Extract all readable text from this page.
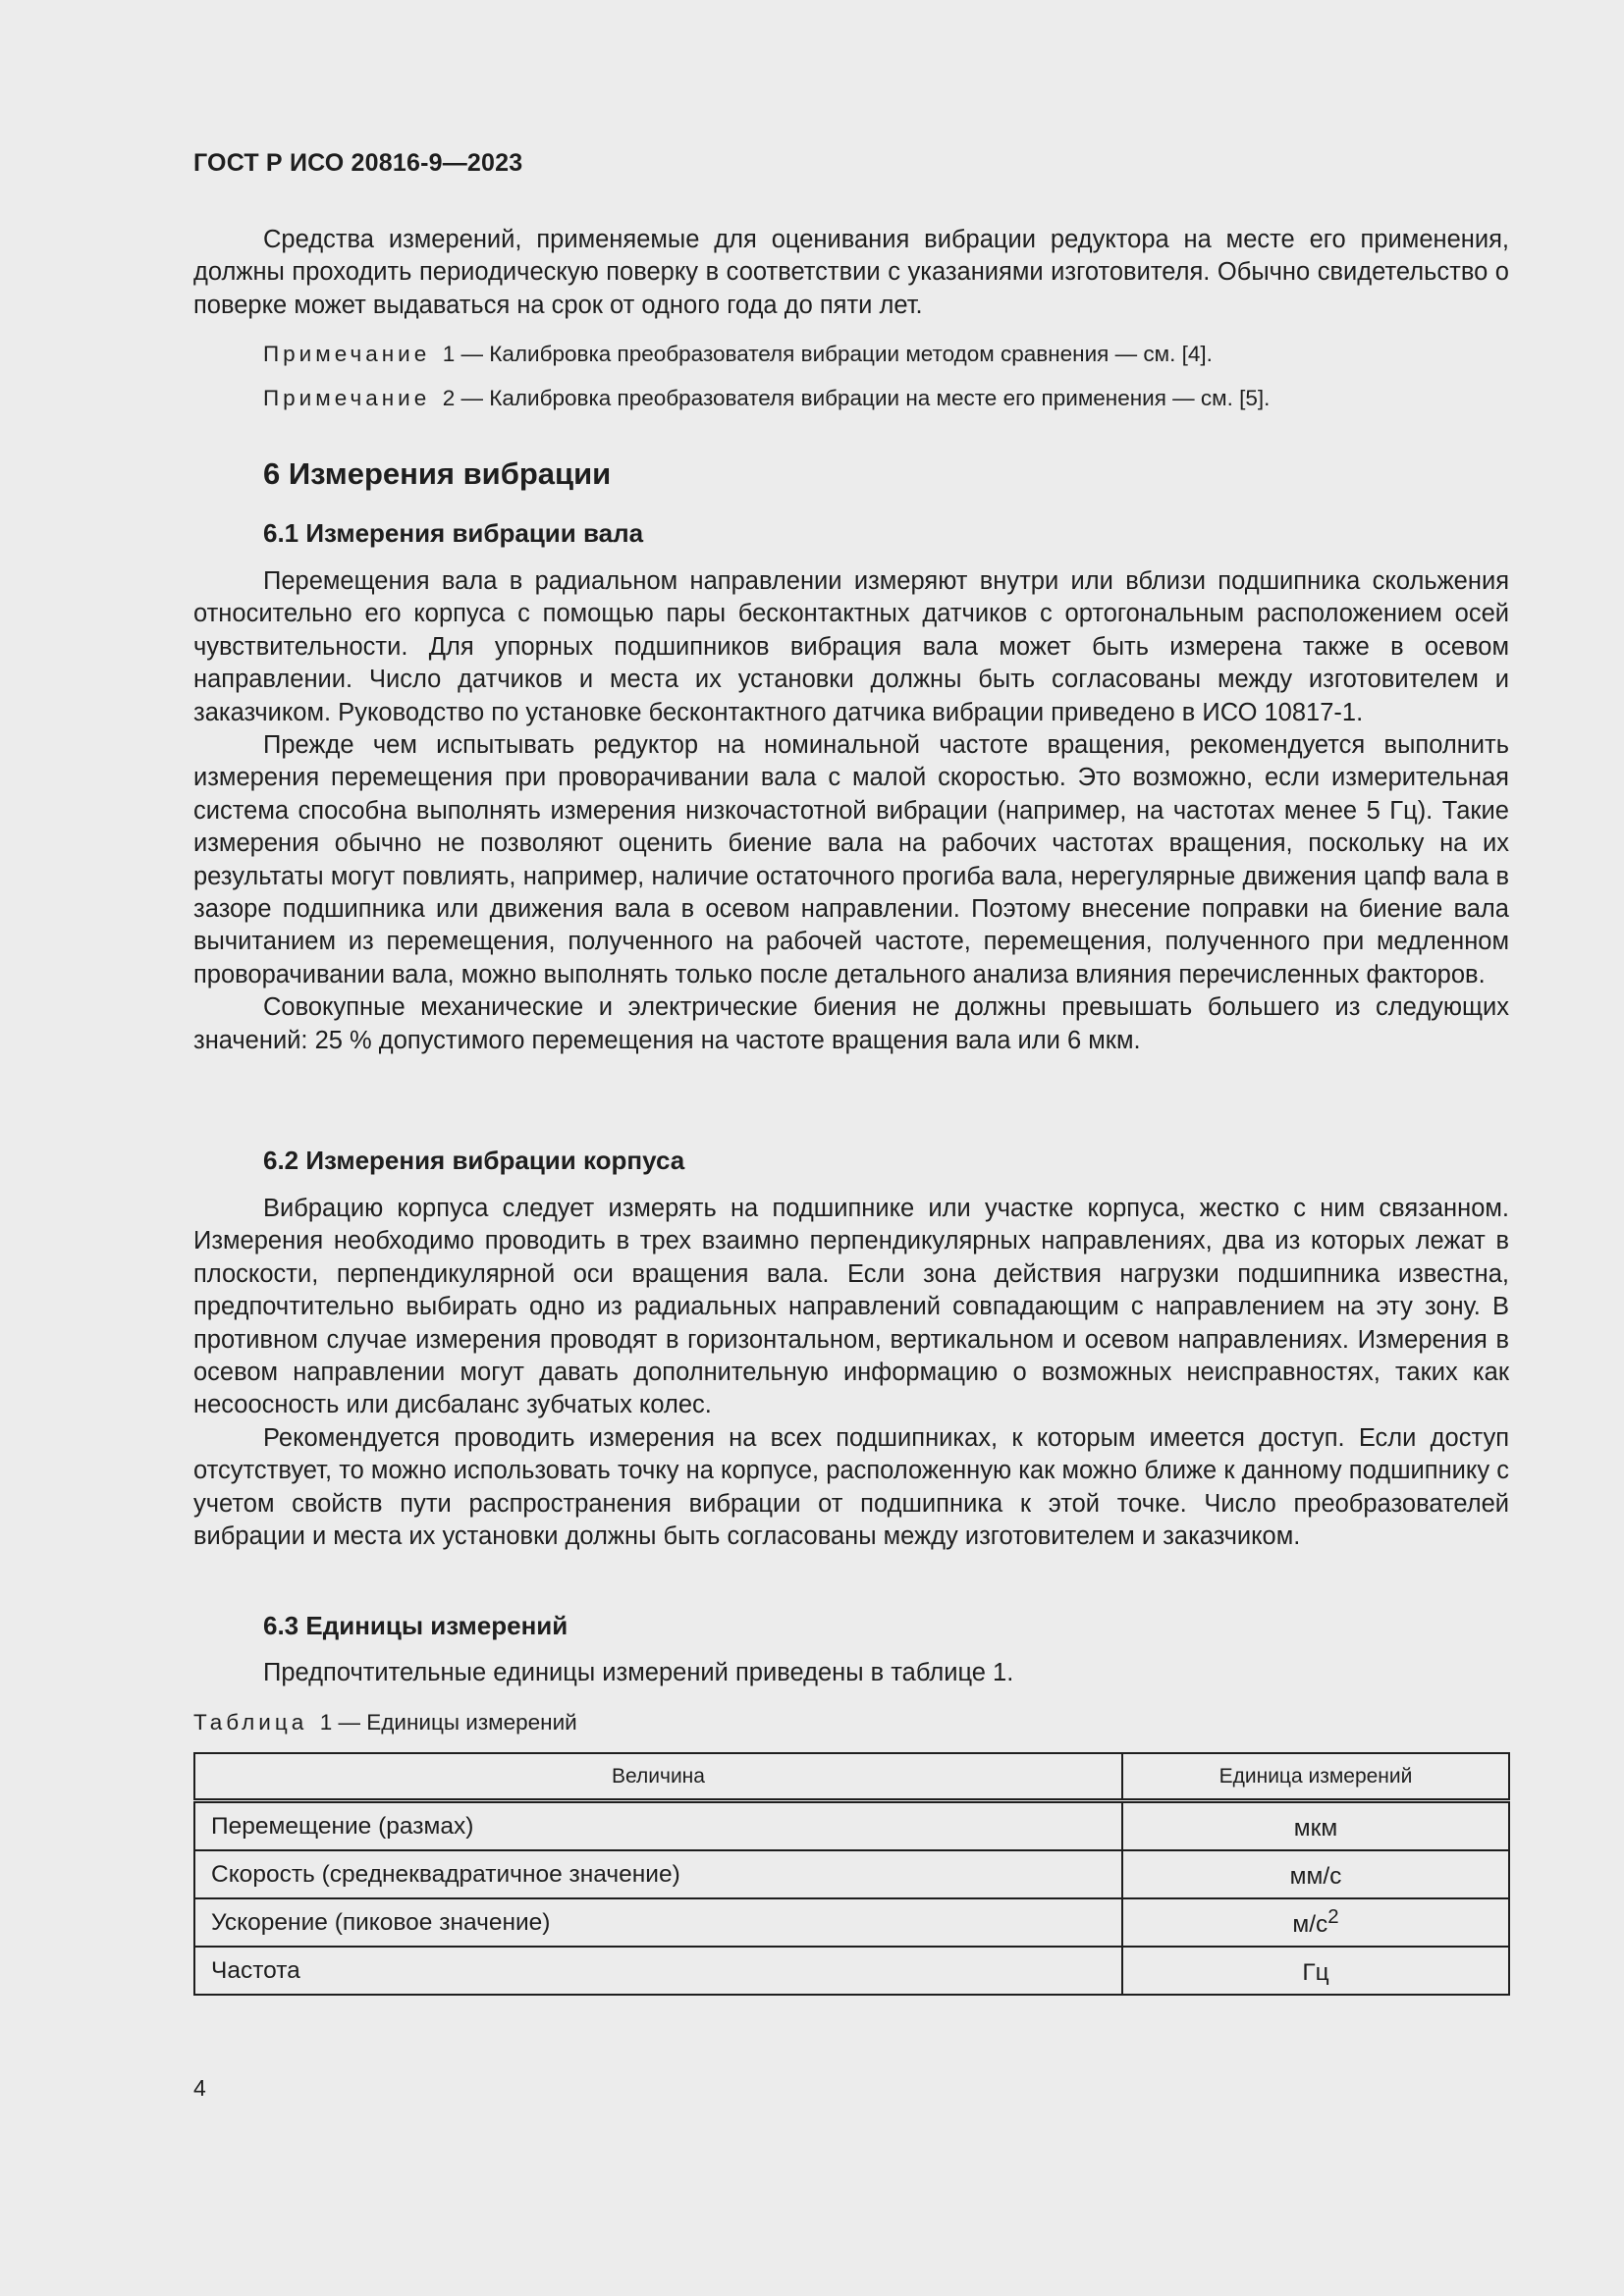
ГОСТ Р ИСО 20816-9—2023

Средства измерений, применяемые для оценивания вибрации редуктора на месте его применения, должны проходить периодическую поверку в соответствии с указаниями изготовителя. Обычно свидетельство о поверке может выдаваться на срок от одного года до пяти лет.

Примечание 1 — Калибровка преобразователя вибрации методом сравнения — см. [4].

Примечание 2 — Калибровка преобразователя вибрации на месте его применения — см. [5].

6 Измерения вибрации
6.1 Измерения вибрации вала

Перемещения вала в радиальном направлении измеряют внутри или вблизи подшипника скольжения относительно его корпуса с помощью пары бесконтактных датчиков с ортогональным расположением осей чувствительности. Для упорных подшипников вибрация вала может быть измерена также в осевом направлении. Число датчиков и места их установки должны быть согласованы между изготовителем и заказчиком. Руководство по установке бесконтактного датчика вибрации приведено в ИСО 10817-1.

Прежде чем испытывать редуктор на номинальной частоте вращения, рекомендуется выполнить измерения перемещения при проворачивании вала с малой скоростью. Это возможно, если измерительная система способна выполнять измерения низкочастотной вибрации (например, на частотах менее 5 Гц). Такие измерения обычно не позволяют оценить биение вала на рабочих частотах вращения, поскольку на их результаты могут повлиять, например, наличие остаточного прогиба вала, нерегулярные движения цапф вала в зазоре подшипника или движения вала в осевом направлении. Поэтому внесение поправки на биение вала вычитанием из перемещения, полученного на рабочей частоте, перемещения, полученного при медленном проворачивании вала, можно выполнять только после детального анализа влияния перечисленных факторов.

Совокупные механические и электрические биения не должны превышать большего из следующих значений: 25 % допустимого перемещения на частоте вращения вала или 6 мкм.

6.2 Измерения вибрации корпуса

Вибрацию корпуса следует измерять на подшипнике или участке корпуса, жестко с ним связанном. Измерения необходимо проводить в трех взаимно перпендикулярных направлениях, два из которых лежат в плоскости, перпендикулярной оси вращения вала. Если зона действия нагрузки подшипника известна, предпочтительно выбирать одно из радиальных направлений совпадающим с направлением на эту зону. В противном случае измерения проводят в горизонтальном, вертикальном и осевом направлениях. Измерения в осевом направлении могут давать дополнительную информацию о возможных неисправностях, таких как несоосность или дисбаланс зубчатых колес.

Рекомендуется проводить измерения на всех подшипниках, к которым имеется доступ. Если доступ отсутствует, то можно использовать точку на корпусе, расположенную как можно ближе к данному подшипнику с учетом свойств пути распространения вибрации от подшипника к этой точке. Число преобразователей вибрации и места их установки должны быть согласованы между изготовителем и заказчиком.

6.3 Единицы измерений

Предпочтительные единицы измерений приведены в таблице 1.

Таблица 1 — Единицы измерений

Величина	Единица измерений
Перемещение (размах)	мкм
Скорость (среднеквадратичное значение)	мм/с
Ускорение (пиковое значение)	$м/с^2$
Частота	Гц

4
